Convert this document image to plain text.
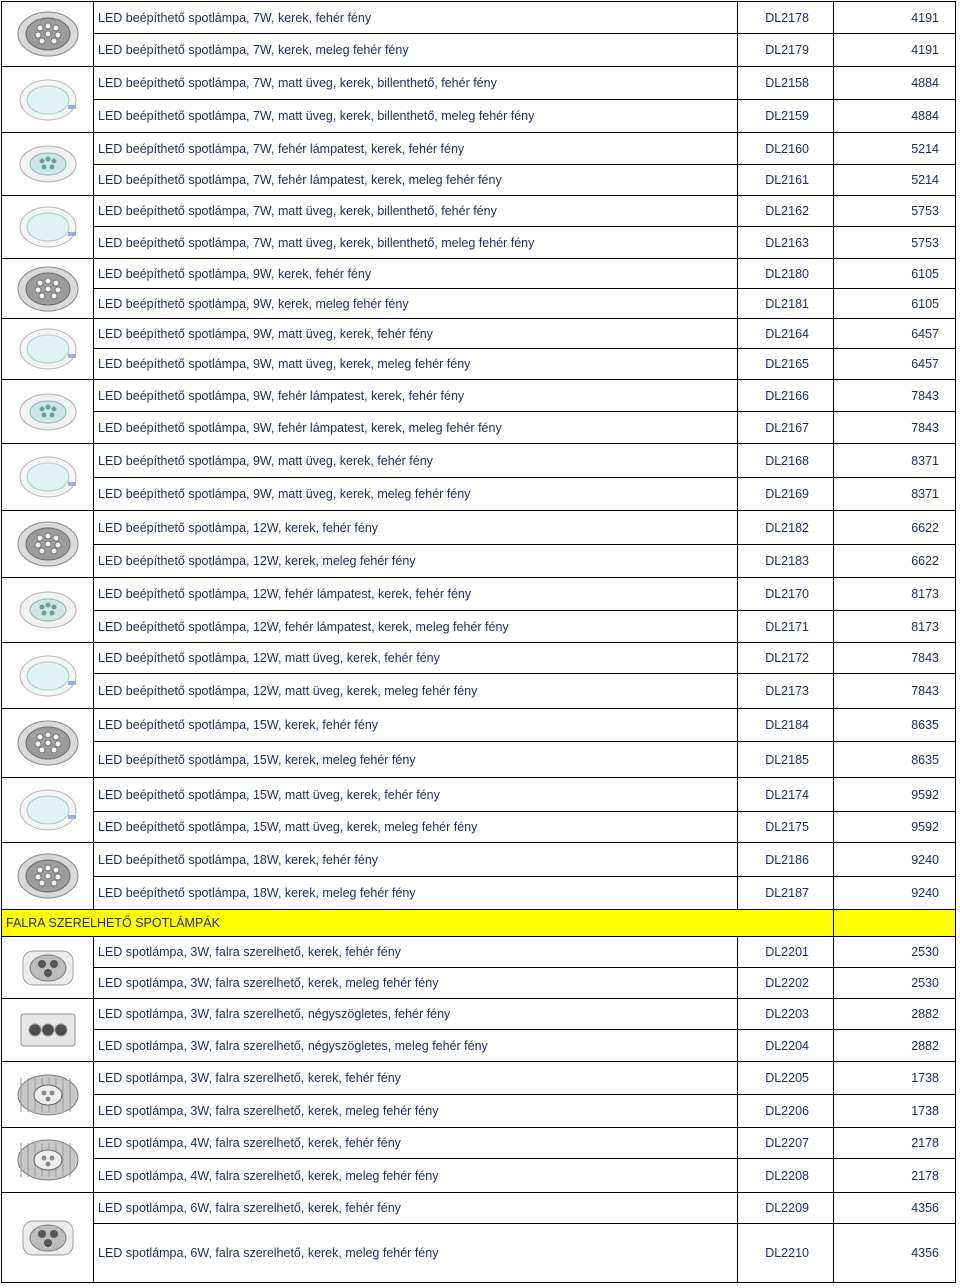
	LED beépíthető spotlámpa, 7W, kerek, fehér fény	DL2178	4191
	LED beépíthető spotlámpa, 7W, kerek, meleg fehér fény	DL2179	4191

	LED beépíthető spotlámpa, 7W, matt üveg, kerek, billenthető, fehér fény	DL2158	4884
	LED beépíthető spotlámpa, 7W, matt üveg, kerek, billenthető, meleg fehér fény	DL2159	4884

	LED beépíthető spotlámpa, 7W, fehér lámpatest, kerek, fehér fény	DL2160	5214
	LED beépíthető spotlámpa, 7W, fehér lámpatest, kerek, meleg fehér fény	DL2161	5214

	LED beépíthető spotlámpa, 7W, matt üveg, kerek, billenthető, fehér fény	DL2162	5753
	LED beépíthető spotlámpa, 7W, matt üveg, kerek, billenthető, meleg fehér fény	DL2163	5753

	LED beépíthető spotlámpa, 9W, kerek, fehér fény	DL2180	6105
	LED beépíthető spotlámpa, 9W, kerek, meleg fehér fény	DL2181	6105

	LED beépíthető spotlámpa, 9W, matt üveg, kerek, fehér fény	DL2164	6457
	LED beépíthető spotlámpa, 9W, matt üveg, kerek, meleg fehér fény	DL2165	6457

	LED beépíthető spotlámpa, 9W, fehér lámpatest, kerek, fehér fény	DL2166	7843
	LED beépíthető spotlámpa, 9W, fehér lámpatest, kerek, meleg fehér fény	DL2167	7843

	LED beépíthető spotlámpa, 9W, matt üveg, kerek, fehér fény	DL2168	8371
	LED beépíthető spotlámpa, 9W, matt üveg, kerek, meleg fehér fény	DL2169	8371

	LED beépíthető spotlámpa, 12W, kerek, fehér fény	DL2182	6622
	LED beépíthető spotlámpa, 12W, kerek, meleg fehér fény	DL2183	6622

	LED beépíthető spotlámpa, 12W, fehér lámpatest, kerek, fehér fény	DL2170	8173
	LED beépíthető spotlámpa, 12W, fehér lámpatest, kerek, meleg fehér fény	DL2171	8173

	LED beépíthető spotlámpa, 12W, matt üveg, kerek, fehér fény	DL2172	7843
	LED beépíthető spotlámpa, 12W, matt üveg, kerek, meleg fehér fény	DL2173	7843

	LED beépíthető spotlámpa, 15W, kerek, fehér fény	DL2184	8635
	LED beépíthető spotlámpa, 15W, kerek, meleg fehér fény	DL2185	8635

	LED beépíthető spotlámpa, 15W, matt üveg, kerek, fehér fény	DL2174	9592
	LED beépíthető spotlámpa, 15W, matt üveg, kerek, meleg fehér fény	DL2175	9592

	LED beépíthető spotlámpa, 18W, kerek, fehér fény	DL2186	9240
	LED beépíthető spotlámpa, 18W, kerek, meleg fehér fény	DL2187	9240
FALRA SZERELHETŐ SPOTLÁMPÁK			

	LED spotlámpa, 3W, falra szerelhető, kerek, fehér fény	DL2201	2530
	LED spotlámpa, 3W, falra szerelhető, kerek, meleg fehér fény	DL2202	2530

	LED spotlámpa, 3W, falra szerelhető, négyszögletes, fehér fény	DL2203	2882
	LED spotlámpa, 3W, falra szerelhető, négyszögletes, meleg fehér fény	DL2204	2882

	LED spotlámpa, 3W, falra szerelhető, kerek, fehér fény	DL2205	1738
	LED spotlámpa, 3W, falra szerelhető, kerek, meleg fehér fény	DL2206	1738

	LED spotlámpa, 4W, falra szerelhető, kerek, fehér fény	DL2207	2178
	LED spotlámpa, 4W, falra szerelhető, kerek, meleg fehér fény	DL2208	2178

	LED spotlámpa, 6W, falra szerelhető, kerek, fehér fény	DL2209	4356
	LED spotlámpa, 6W, falra szerelhető, kerek, meleg fehér fény	DL2210	4356
